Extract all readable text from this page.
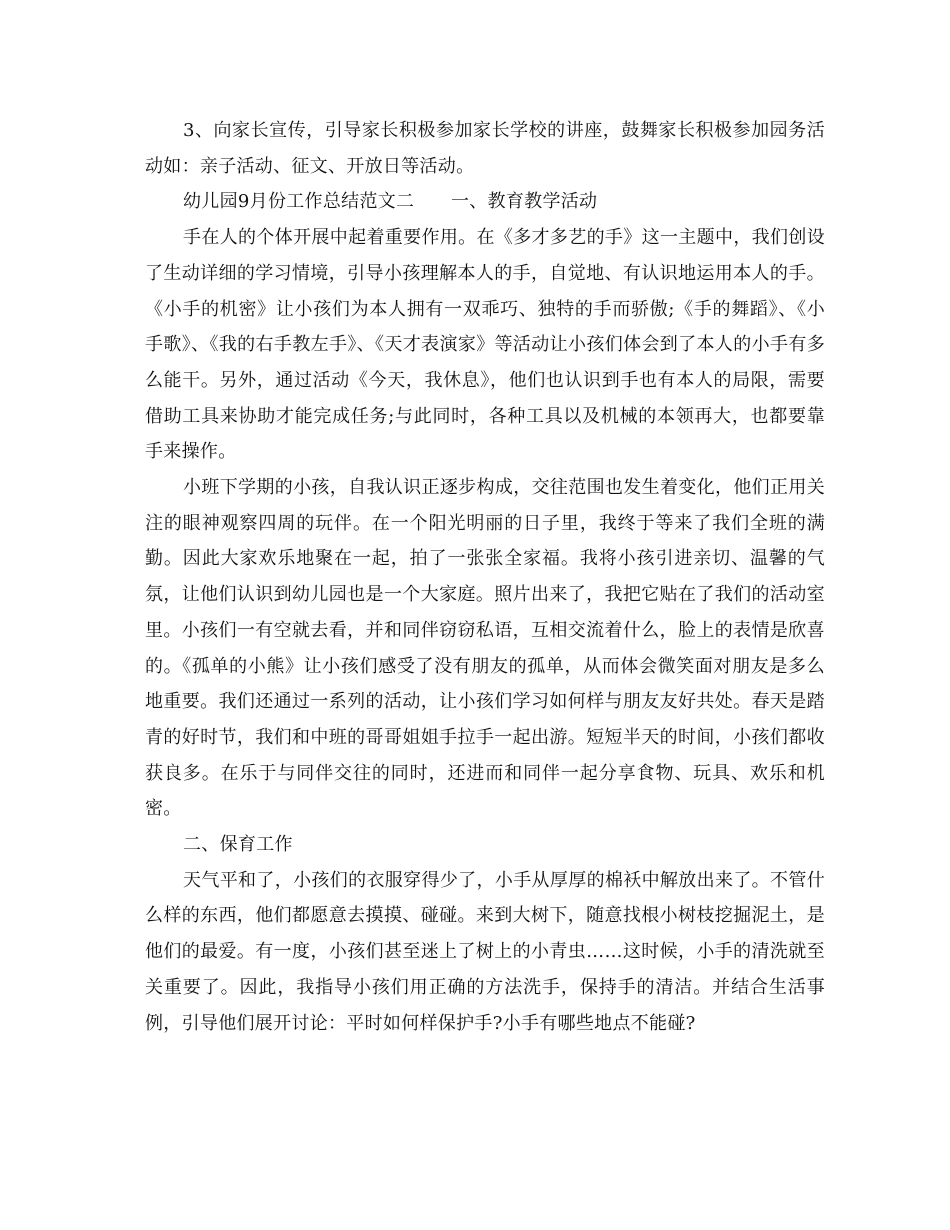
3、向家长宣传，引导家长积极参加家长学校的讲座，鼓舞家长积极参加园务活动如：亲子活动、征文、开放日等活动。

幼儿园9月份工作总结范文二　　一、教育教学活动

手在人的个体开展中起着重要作用。在《多才多艺的手》这一主题中，我们创设了生动详细的学习情境，引导小孩理解本人的手，自觉地、有认识地运用本人的手。《小手的机密》让小孩们为本人拥有一双乖巧、独特的手而骄傲;《手的舞蹈》、《小手歌》、《我的右手教左手》、《天才表演家》等活动让小孩们体会到了本人的小手有多么能干。另外，通过活动《今天，我休息》，他们也认识到手也有本人的局限，需要借助工具来协助才能完成任务;与此同时，各种工具以及机械的本领再大，也都要靠手来操作。

小班下学期的小孩，自我认识正逐步构成，交往范围也发生着变化，他们正用关注的眼神观察四周的玩伴。在一个阳光明丽的日子里，我终于等来了我们全班的满勤。因此大家欢乐地聚在一起，拍了一张张全家福。我将小孩引进亲切、温馨的气氛，让他们认识到幼儿园也是一个大家庭。照片出来了，我把它贴在了我们的活动室里。小孩们一有空就去看，并和同伴窃窃私语，互相交流着什么，脸上的表情是欣喜的。《孤单的小熊》让小孩们感受了没有朋友的孤单，从而体会微笑面对朋友是多么地重要。我们还通过一系列的活动，让小孩们学习如何样与朋友友好共处。春天是踏青的好时节，我们和中班的哥哥姐姐手拉手一起出游。短短半天的时间，小孩们都收获良多。在乐于与同伴交往的同时，还进而和同伴一起分享食物、玩具、欢乐和机密。

二、保育工作

天气平和了，小孩们的衣服穿得少了，小手从厚厚的棉袄中解放出来了。不管什么样的东西，他们都愿意去摸摸、碰碰。来到大树下，随意找根小树枝挖掘泥土，是他们的最爱。有一度，小孩们甚至迷上了树上的小青虫……这时候，小手的清洗就至关重要了。因此，我指导小孩们用正确的方法洗手，保持手的清洁。并结合生活事例，引导他们展开讨论：平时如何样保护手?小手有哪些地点不能碰?
